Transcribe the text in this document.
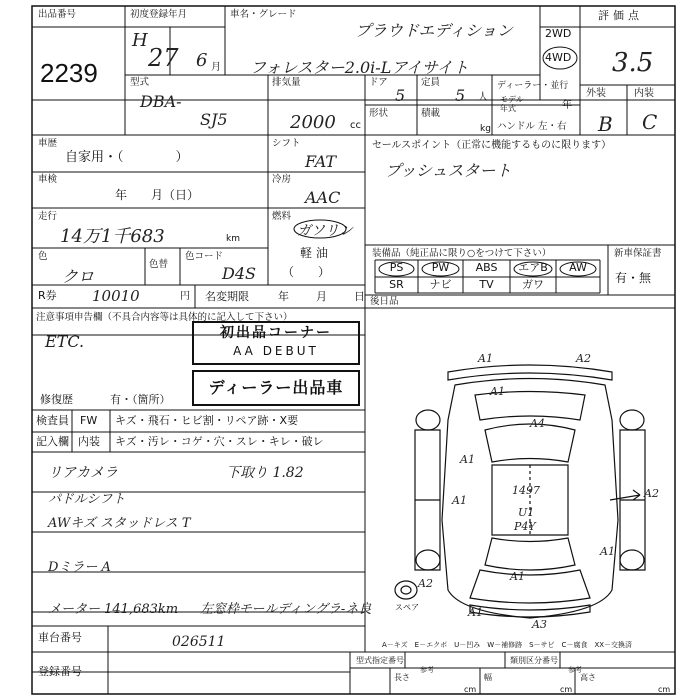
出品番号
2239
初度登録年月
H
27 6 月
車名・グレード
プラウドエディション
フォレスター2.0i-Lアイサイト
2WD
4WD
評価点
3.5
型式
DBA-
SJ5
排気量
2000 cc
ドア
5
定員
5 人
ディーラー・並行
モデル年式	年
形状	積載
kg ハンドル 左・右
外装	内装
B C
車歴
自家用・（　　　　）
シフト
FAT
冷房
AAC
セールスポイント（正常に機能するものに限ります）
プッシュスタート
車検
年　　月（日）
走行
14万1千683	km
燃料
ガソリン
軽 油
（　　）
色
クロ
色替
色コード
D4S
装備品（純正品に限り○をつけて下さい）	新車保証書
有・無
PS	PW	ABS	エアB	AW
SR	ナビ	TV	ガワ
R券 10010	円 名変期限	年　月　日
後日品
注意事項申告欄（不具合内容等は具体的に記入して下さい）
ETC.	初出品コーナー
AA DEBUT
ディーラー出品車
修復歴	有・（箇所）
検査員
記入欄
FW キズ・飛石・ヒビ割・リペア跡・X要
内装 キズ・汚レ・コゲ・穴・スレ・キレ・破レ
リアカメラ	下取り 1.82
パドルシフト
AWキズ スタッドレス T
Dミラー A
メーター 141,683km 左窓枠モールディングラ-ネ良
A1	A2
A1
A1
A4
A1
A1
A1
A2
A3
A1
A2
1497
U1
P4Y
スペア
A－キズ　E－エクボ　U－凹み　W－補修跡　S－サビ　C－腐食　XX－交換済
車台番号	026511
登録番号
型式指定番号	類別区分番号
参考	参考
長さ	幅	高さ
cm	cm	cm
